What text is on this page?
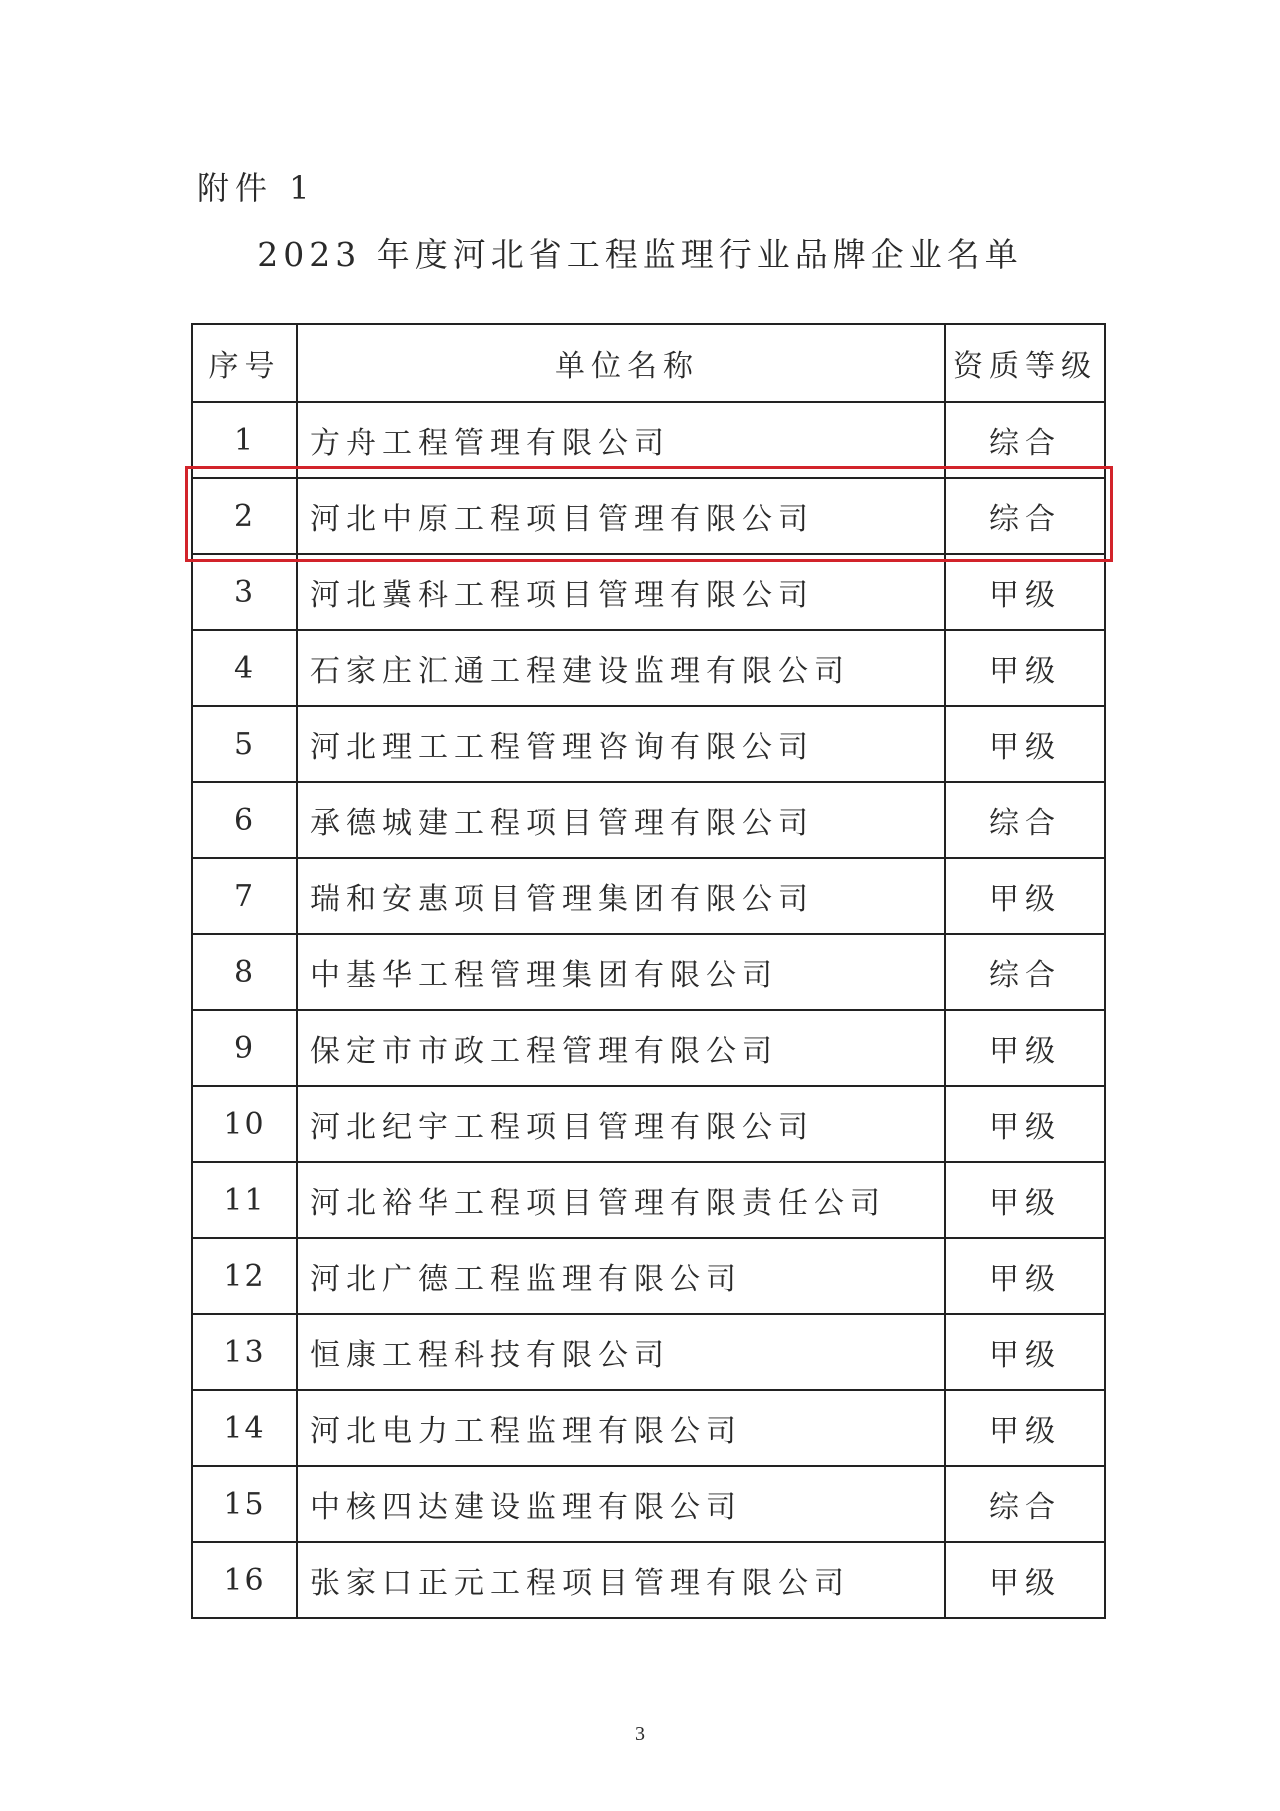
附件 1
2023 年度河北省工程监理行业品牌企业名单
序号	单位名称	资质等级
1	方舟工程管理有限公司	综合
2	河北中原工程项目管理有限公司	综合
3	河北冀科工程项目管理有限公司	甲级
4	石家庄汇通工程建设监理有限公司	甲级
5	河北理工工程管理咨询有限公司	甲级
6	承德城建工程项目管理有限公司	综合
7	瑞和安惠项目管理集团有限公司	甲级
8	中基华工程管理集团有限公司	综合
9	保定市市政工程管理有限公司	甲级
10	河北纪宇工程项目管理有限公司	甲级
11	河北裕华工程项目管理有限责任公司	甲级
12	河北广德工程监理有限公司	甲级
13	恒康工程科技有限公司	甲级
14	河北电力工程监理有限公司	甲级
15	中核四达建设监理有限公司	综合
16	张家口正元工程项目管理有限公司	甲级
3
